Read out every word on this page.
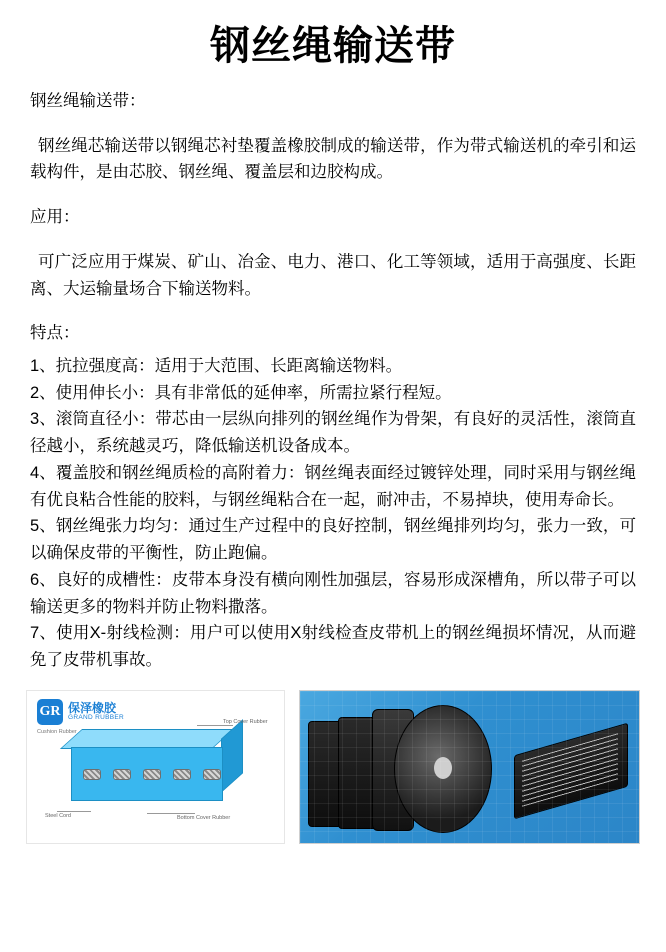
钢丝绳输送带

钢丝绳输送带：

钢丝绳芯输送带以钢绳芯衬垫覆盖橡胶制成的输送带，作为带式输送机的牵引和运载构件，是由芯胶、钢丝绳、覆盖层和边胶构成。

应用：

可广泛应用于煤炭、矿山、冶金、电力、港口、化工等领域，适用于高强度、长距离、大运输量场合下输送物料。

特点：

1、抗拉强度高：适用于大范围、长距离输送物料。

2、使用伸长小：具有非常低的延伸率，所需拉紧行程短。

3、滚筒直径小：带芯由一层纵向排列的钢丝绳作为骨架，有良好的灵活性，滚筒直径越小，系统越灵巧，降低输送机设备成本。

4、覆盖胶和钢丝绳质检的高附着力：钢丝绳表面经过镀锌处理，同时采用与钢丝绳有优良粘合性能的胶料，与钢丝绳粘合在一起，耐冲击，不易掉块，使用寿命长。

5、钢丝绳张力均匀：通过生产过程中的良好控制，钢丝绳排列均匀，张力一致，可以确保皮带的平衡性，防止跑偏。

6、良好的成槽性：皮带本身没有横向刚性加强层，容易形成深槽角，所以带子可以输送更多的物料并防止物料撒落。

7、使用X-射线检测：用户可以使用X射线检查皮带机上的钢丝绳损坏情况，从而避免了皮带机事故。

GR 保泽橡胶
GRAND RUBBER
Cushion Rubber
Top Cover Rubber
Bottom Cover Rubber
Steel Cord
